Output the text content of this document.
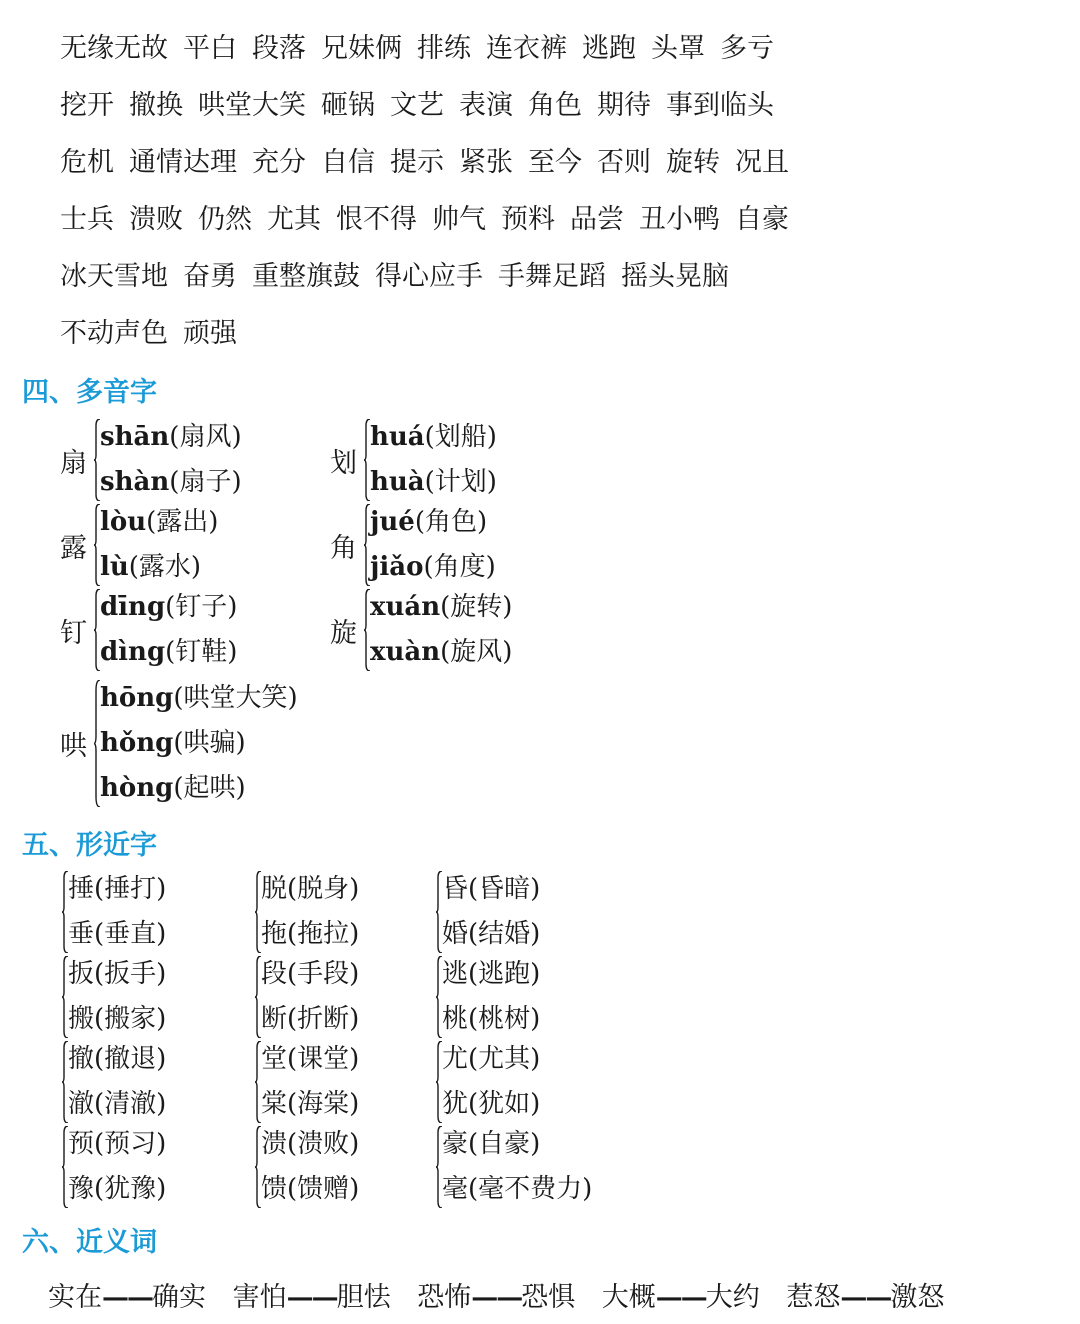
无缘无故 平白 段落 兄妹俩 排练 连衣裤 逃跑 头罩 多亏
挖开 撤换 哄堂大笑 砸锅 文艺 表演 角色 期待 事到临头
危机 通情达理 充分 自信 提示 紧张 至今 否则 旋转 况且
士兵 溃败 仍然 尤其 恨不得 帅气 预料 品尝 丑小鸭 自豪
冰天雪地 奋勇 重整旗鼓 得心应手 手舞足蹈 摇头晃脑
不动声色 顽强
四、多音字
扇
shān(扇风)
shàn(扇子)
划
huá(划船)
huà(计划)
露
lòu(露出)
lù(露水)
角
jué(角色)
jiǎo(角度)
钉
dīng(钉子)
dìng(钉鞋)
旋
xuán(旋转)
xuàn(旋风)
哄
hōng(哄堂大笑)
hǒng(哄骗)
hòng(起哄)
五、形近字
捶(捶打)
垂(垂直)
脱(脱身)
拖(拖拉)
昏(昏暗)
婚(结婚)
扳(扳手)
搬(搬家)
段(手段)
断(折断)
逃(逃跑)
桃(桃树)
撤(撤退)
澈(清澈)
堂(课堂)
棠(海棠)
尤(尤其)
犹(犹如)
预(预习)
豫(犹豫)
溃(溃败)
馈(馈赠)
豪(自豪)
毫(毫不费力)
六、近义词
实在——确实 害怕——胆怯 恐怖——恐惧 大概——大约 惹怒——激怒
